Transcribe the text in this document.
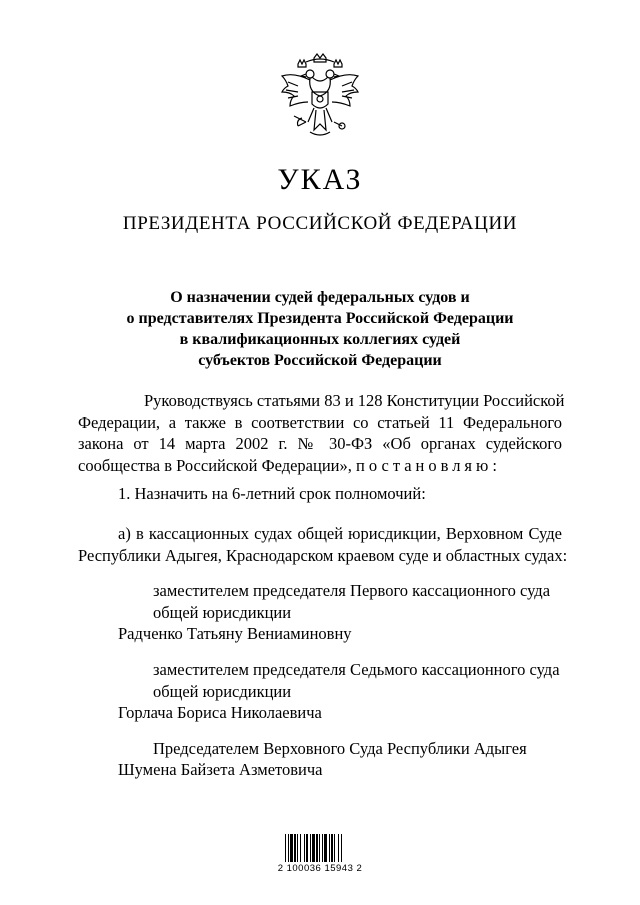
УКАЗ
ПРЕЗИДЕНТА РОССИЙСКОЙ ФЕДЕРАЦИИ
О назначении судей федеральных судов и
о представителях Президента Российской Федерации
в квалификационных коллегиях судей
субъектов Российской Федерации
Руководствуясь статьями 83 и 128 Конституции Российской
Федерации, а также в соответствии со статьей 11 Федерального
закона от 14 марта 2002 г. № 30-ФЗ «Об органах судейского
сообщества в Российской Федерации», постановляю:
1. Назначить на 6-летний срок полномочий:
а) в кассационных судах общей юрисдикции, Верховном Суде
Республики Адыгея, Краснодарском краевом суде и областных судах:
заместителем председателя Первого кассационного суда
общей юрисдикции
Радченко Татьяну Вениаминовну
заместителем председателя Седьмого кассационного суда
общей юрисдикции
Горлача Бориса Николаевича
Председателем Верховного Суда Республики Адыгея
Шумена Байзета Азметовича
2 100036 15943 2
